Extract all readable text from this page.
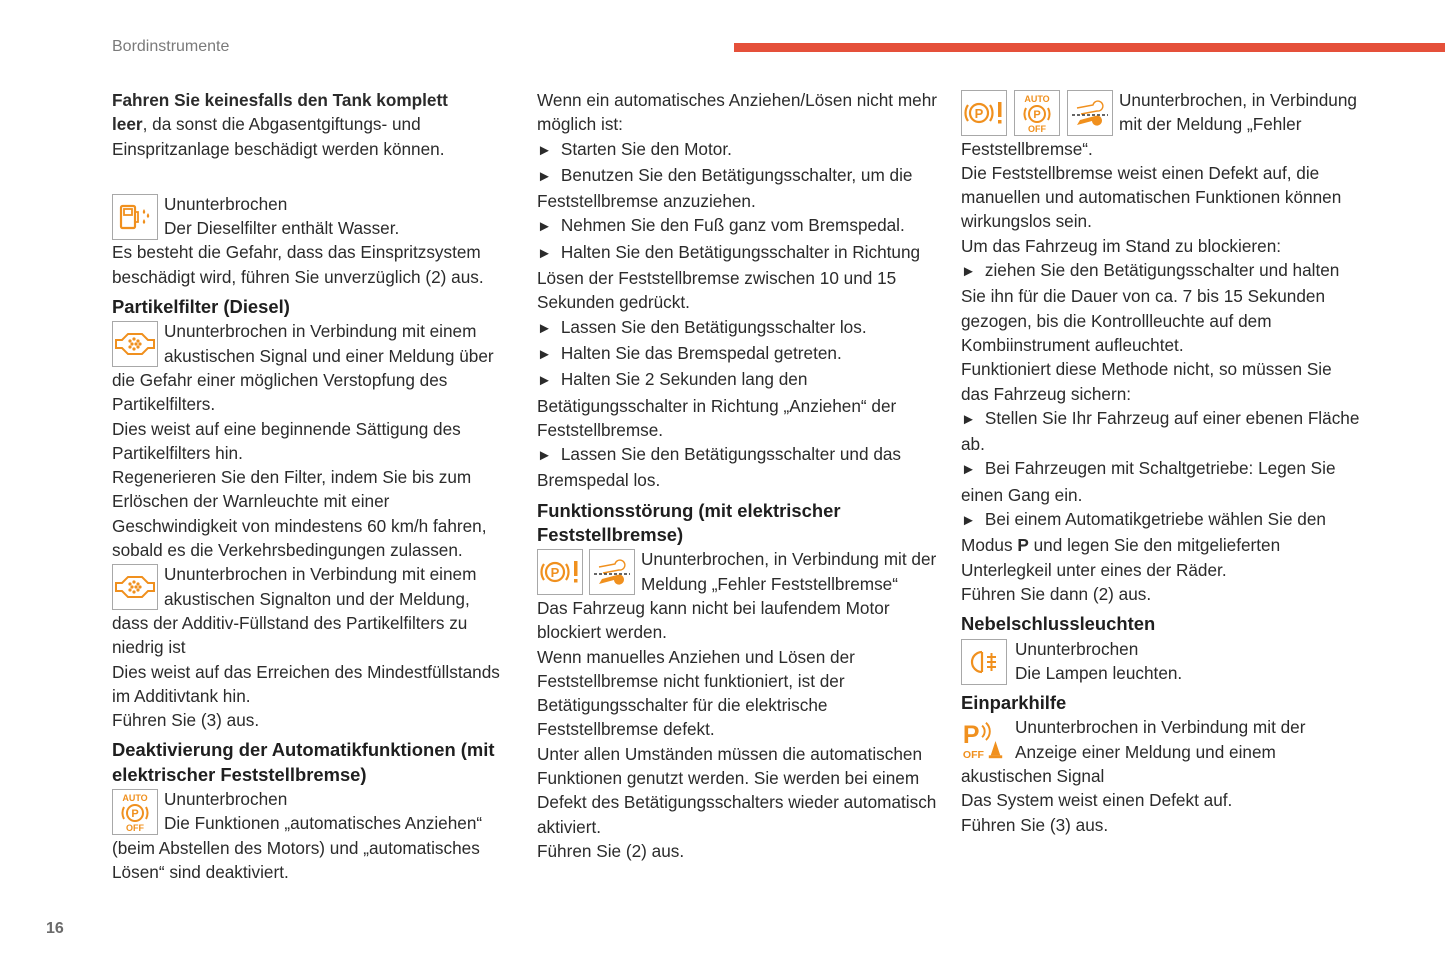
Bordinstrumente

Fahren Sie keinesfalls den Tank komplett
leer, da sonst die Abgasentgiftungs- und Einspritzanlage beschädigt werden können.

Ununterbrochen

Der Dieselfilter enthält Wasser.

Es besteht die Gefahr, dass das Einspritzsystem beschädigt wird, führen Sie unverzüglich (2) aus.

Partikelfilter (Diesel)

Ununterbrochen in Verbindung mit einem akustischen Signal und einer Meldung über die Gefahr einer möglichen Verstopfung des Partikelfilters.

Dies weist auf eine beginnende Sättigung des Partikelfilters hin.

Regenerieren Sie den Filter, indem Sie bis zum Erlöschen der Warnleuchte mit einer Geschwindigkeit von mindestens 60 km/h fahren, sobald es die Verkehrsbedingungen zulassen.

Ununterbrochen in Verbindung mit einem akustischen Signalton und der Meldung, dass der Additiv-Füllstand des Partikelfilters zu niedrig ist

Dies weist auf das Erreichen des Mindestfüllstands im Additivtank hin.

Führen Sie (3) aus.

Deaktivierung der Automatikfunktionen (mit elektrischer Feststellbremse)
AUTO
P
OFF

Ununterbrochen

Die Funktionen „automatisches Anziehen“ (beim Abstellen des Motors) und „automatisches Lösen“ sind deaktiviert.

Wenn ein automatisches Anziehen/Lösen nicht mehr möglich ist:

► Starten Sie den Motor.

► Benutzen Sie den Betätigungsschalter, um die Feststellbremse anzuziehen.

► Nehmen Sie den Fuß ganz vom Bremspedal.

► Halten Sie den Betätigungsschalter in Richtung Lösen der Feststellbremse zwischen 10 und 15 Sekunden gedrückt.

► Lassen Sie den Betätigungsschalter los.

► Halten Sie das Bremspedal getreten.

► Halten Sie 2 Sekunden lang den Betätigungsschalter in Richtung „Anziehen“ der Feststellbremse.

► Lassen Sie den Betätigungsschalter und das Bremspedal los.

Funktionsstörung (mit elektrischer Feststellbremse)
P

Ununterbrochen, in Verbindung mit der Meldung „Fehler Feststellbremse“

Das Fahrzeug kann nicht bei laufendem Motor blockiert werden.

Wenn manuelles Anziehen und Lösen der Feststellbremse nicht funktioniert, ist der Betätigungsschalter für die elektrische Feststellbremse defekt.

Unter allen Umständen müssen die automatischen Funktionen genutzt werden. Sie werden bei einem Defekt des Betätigungsschalters wieder automatisch aktiviert.

Führen Sie (2) aus.

P
AUTO
P
OFF

Ununterbrochen, in Verbindung mit der Meldung „Fehler Feststellbremse“.

Die Feststellbremse weist einen Defekt auf, die manuellen und automatischen Funktionen können wirkungslos sein.

Um das Fahrzeug im Stand zu blockieren:

► ziehen Sie den Betätigungsschalter und halten Sie ihn für die Dauer von ca. 7 bis 15 Sekunden gezogen, bis die Kontrollleuchte auf dem Kombiinstrument aufleuchtet.

Funktioniert diese Methode nicht, so müssen Sie das Fahrzeug sichern:

► Stellen Sie Ihr Fahrzeug auf einer ebenen Fläche ab.

► Bei Fahrzeugen mit Schaltgetriebe: Legen Sie einen Gang ein.

► Bei einem Automatikgetriebe wählen Sie den Modus P und legen Sie den mitgelieferten Unterlegkeil unter eines der Räder.

Führen Sie dann (2) aus.

Nebelschlussleuchten

Ununterbrochen

Die Lampen leuchten.

Einparkhilfe
P
OFF

Ununterbrochen in Verbindung mit der Anzeige einer Meldung und einem akustischen Signal

Das System weist einen Defekt auf.

Führen Sie (3) aus.

16
